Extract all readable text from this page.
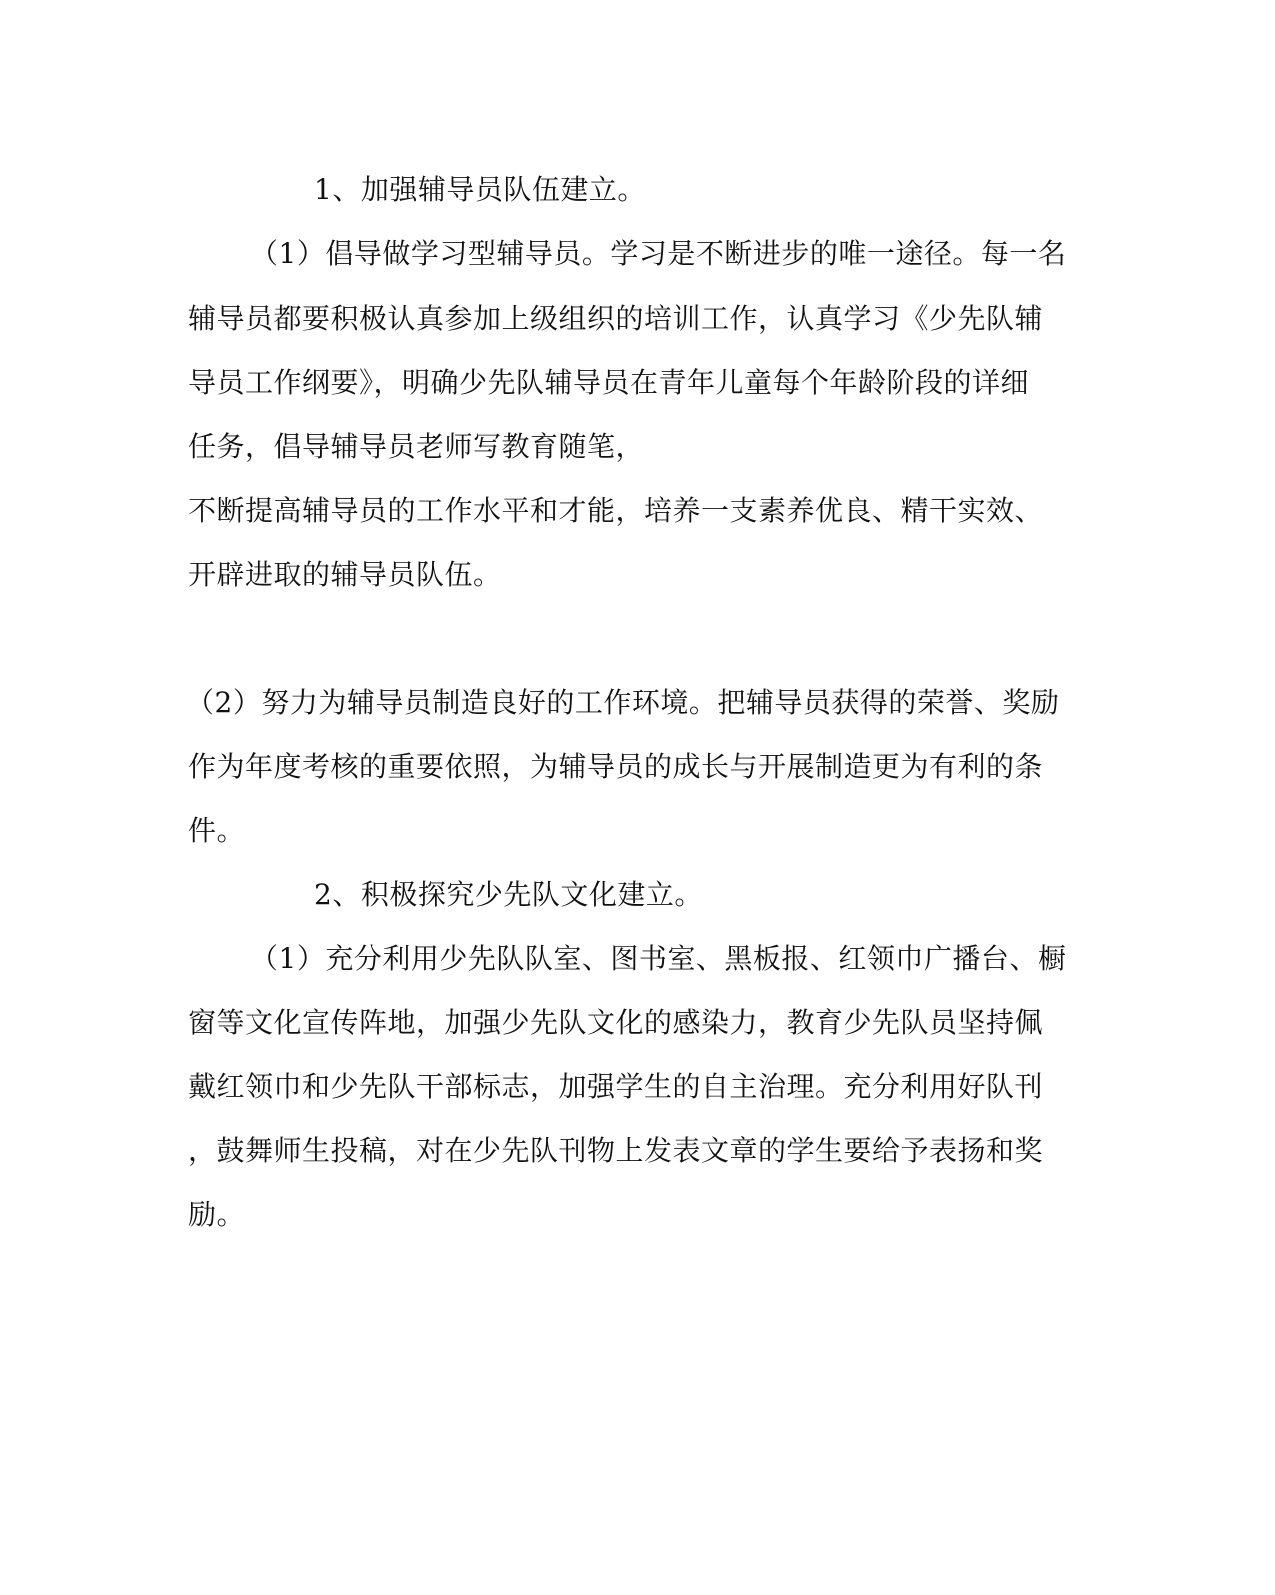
1、加强辅导员队伍建立。
（1）倡导做学习型辅导员。学习是不断进步的唯一途径。每一名
辅导员都要积极认真参加上级组织的培训工作，认真学习《少先队辅
导员工作纲要》，明确少先队辅导员在青年儿童每个年龄阶段的详细
任务，倡导辅导员老师写教育随笔，
不断提高辅导员的工作水平和才能，培养一支素养优良、精干实效、
开辟进取的辅导员队伍。
（2）努力为辅导员制造良好的工作环境。把辅导员获得的荣誉、奖励
作为年度考核的重要依照，为辅导员的成长与开展制造更为有利的条
件。
2、积极探究少先队文化建立。
（1）充分利用少先队队室、图书室、黑板报、红领巾广播台、橱
窗等文化宣传阵地，加强少先队文化的感染力，教育少先队员坚持佩
戴红领巾和少先队干部标志，加强学生的自主治理。充分利用好队刊
，鼓舞师生投稿，对在少先队刊物上发表文章的学生要给予表扬和奖
励。
